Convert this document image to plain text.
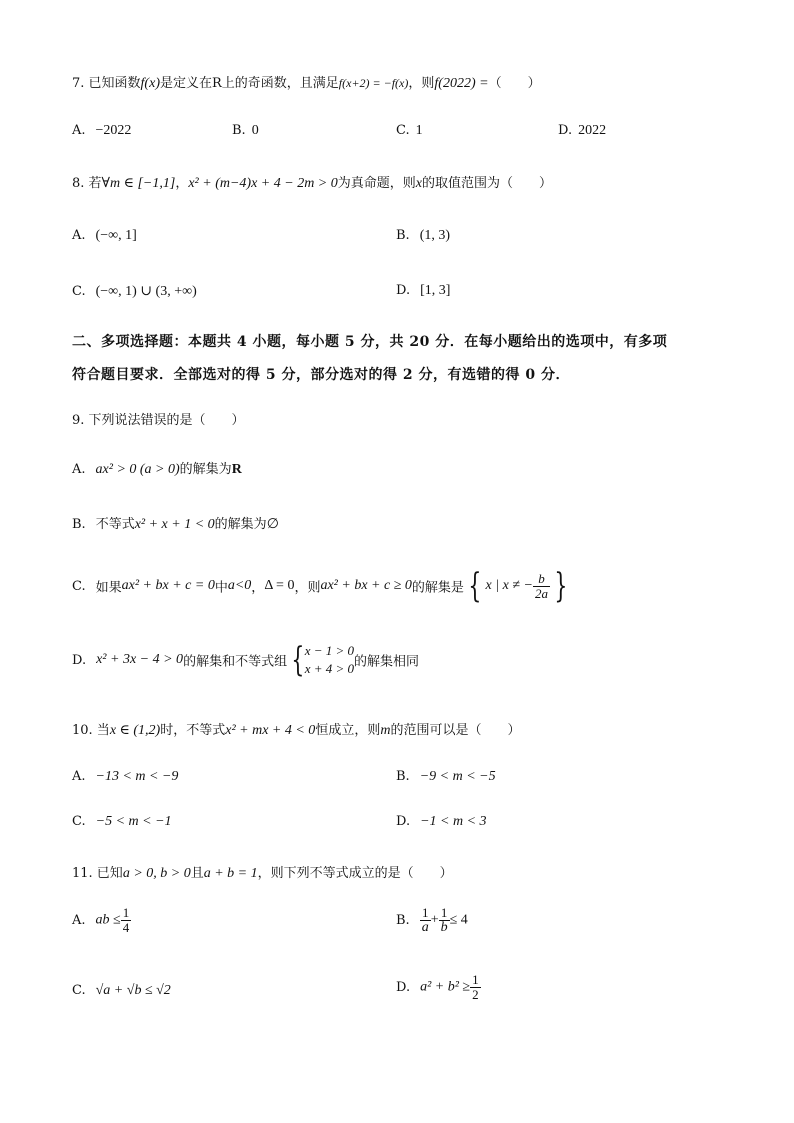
7. 已知函数f(x)是定义在R上的奇函数，且满足f(x+2) = −f(x)，则f(2022) =（　　）
A. −2022	B. 0	C. 1	D. 2022
8. 若∀m ∈ [−1,1]，x² + (m−4)x + 4 − 2m > 0为真命题，则x的取值范围为（　　）
A. (−∞, 1]	B. (1, 3)
C. (−∞, 1) ∪ (3, +∞)	D. [1, 3]
二、多项选择题：本题共 4 小题，每小题 5 分，共 20 分．在每小题给出的选项中，有多项
符合题目要求．全部选对的得 5 分，部分选对的得 2 分，有选错的得 0 分．
9. 下列说法错误的是（　　）
A. ax² > 0 (a > 0)的解集为R
B. 不等式x² + x + 1 < 0的解集为∅
C. 如果ax² + bx + c = 0中a<0，Δ = 0，则ax² + bx + c ≥ 0的解集是 { x | x ≠ − $\frac{b}{2a}$ }
D. x² + 3x − 4 > 0的解集和不等式组 { x − 1 > 0
x + 4 > 0 的解集相同
10. 当x ∈ (1,2)时，不等式x² + mx + 4 < 0恒成立，则m的范围可以是（　　）
A. −13 < m < −9	B. −9 < m < −5
C. −5 < m < −1	D. −1 < m < 3
11. 已知a > 0, b > 0且a + b = 1，则下列不等式成立的是（　　）
A. ab ≤ $\frac{1}{4}$	B. $\frac{1}{a} + \frac{1}{b} \le 4$
C. √a + √b ≤ √2	D. $a^2 + b^2 \ge \frac{1}{2}$
